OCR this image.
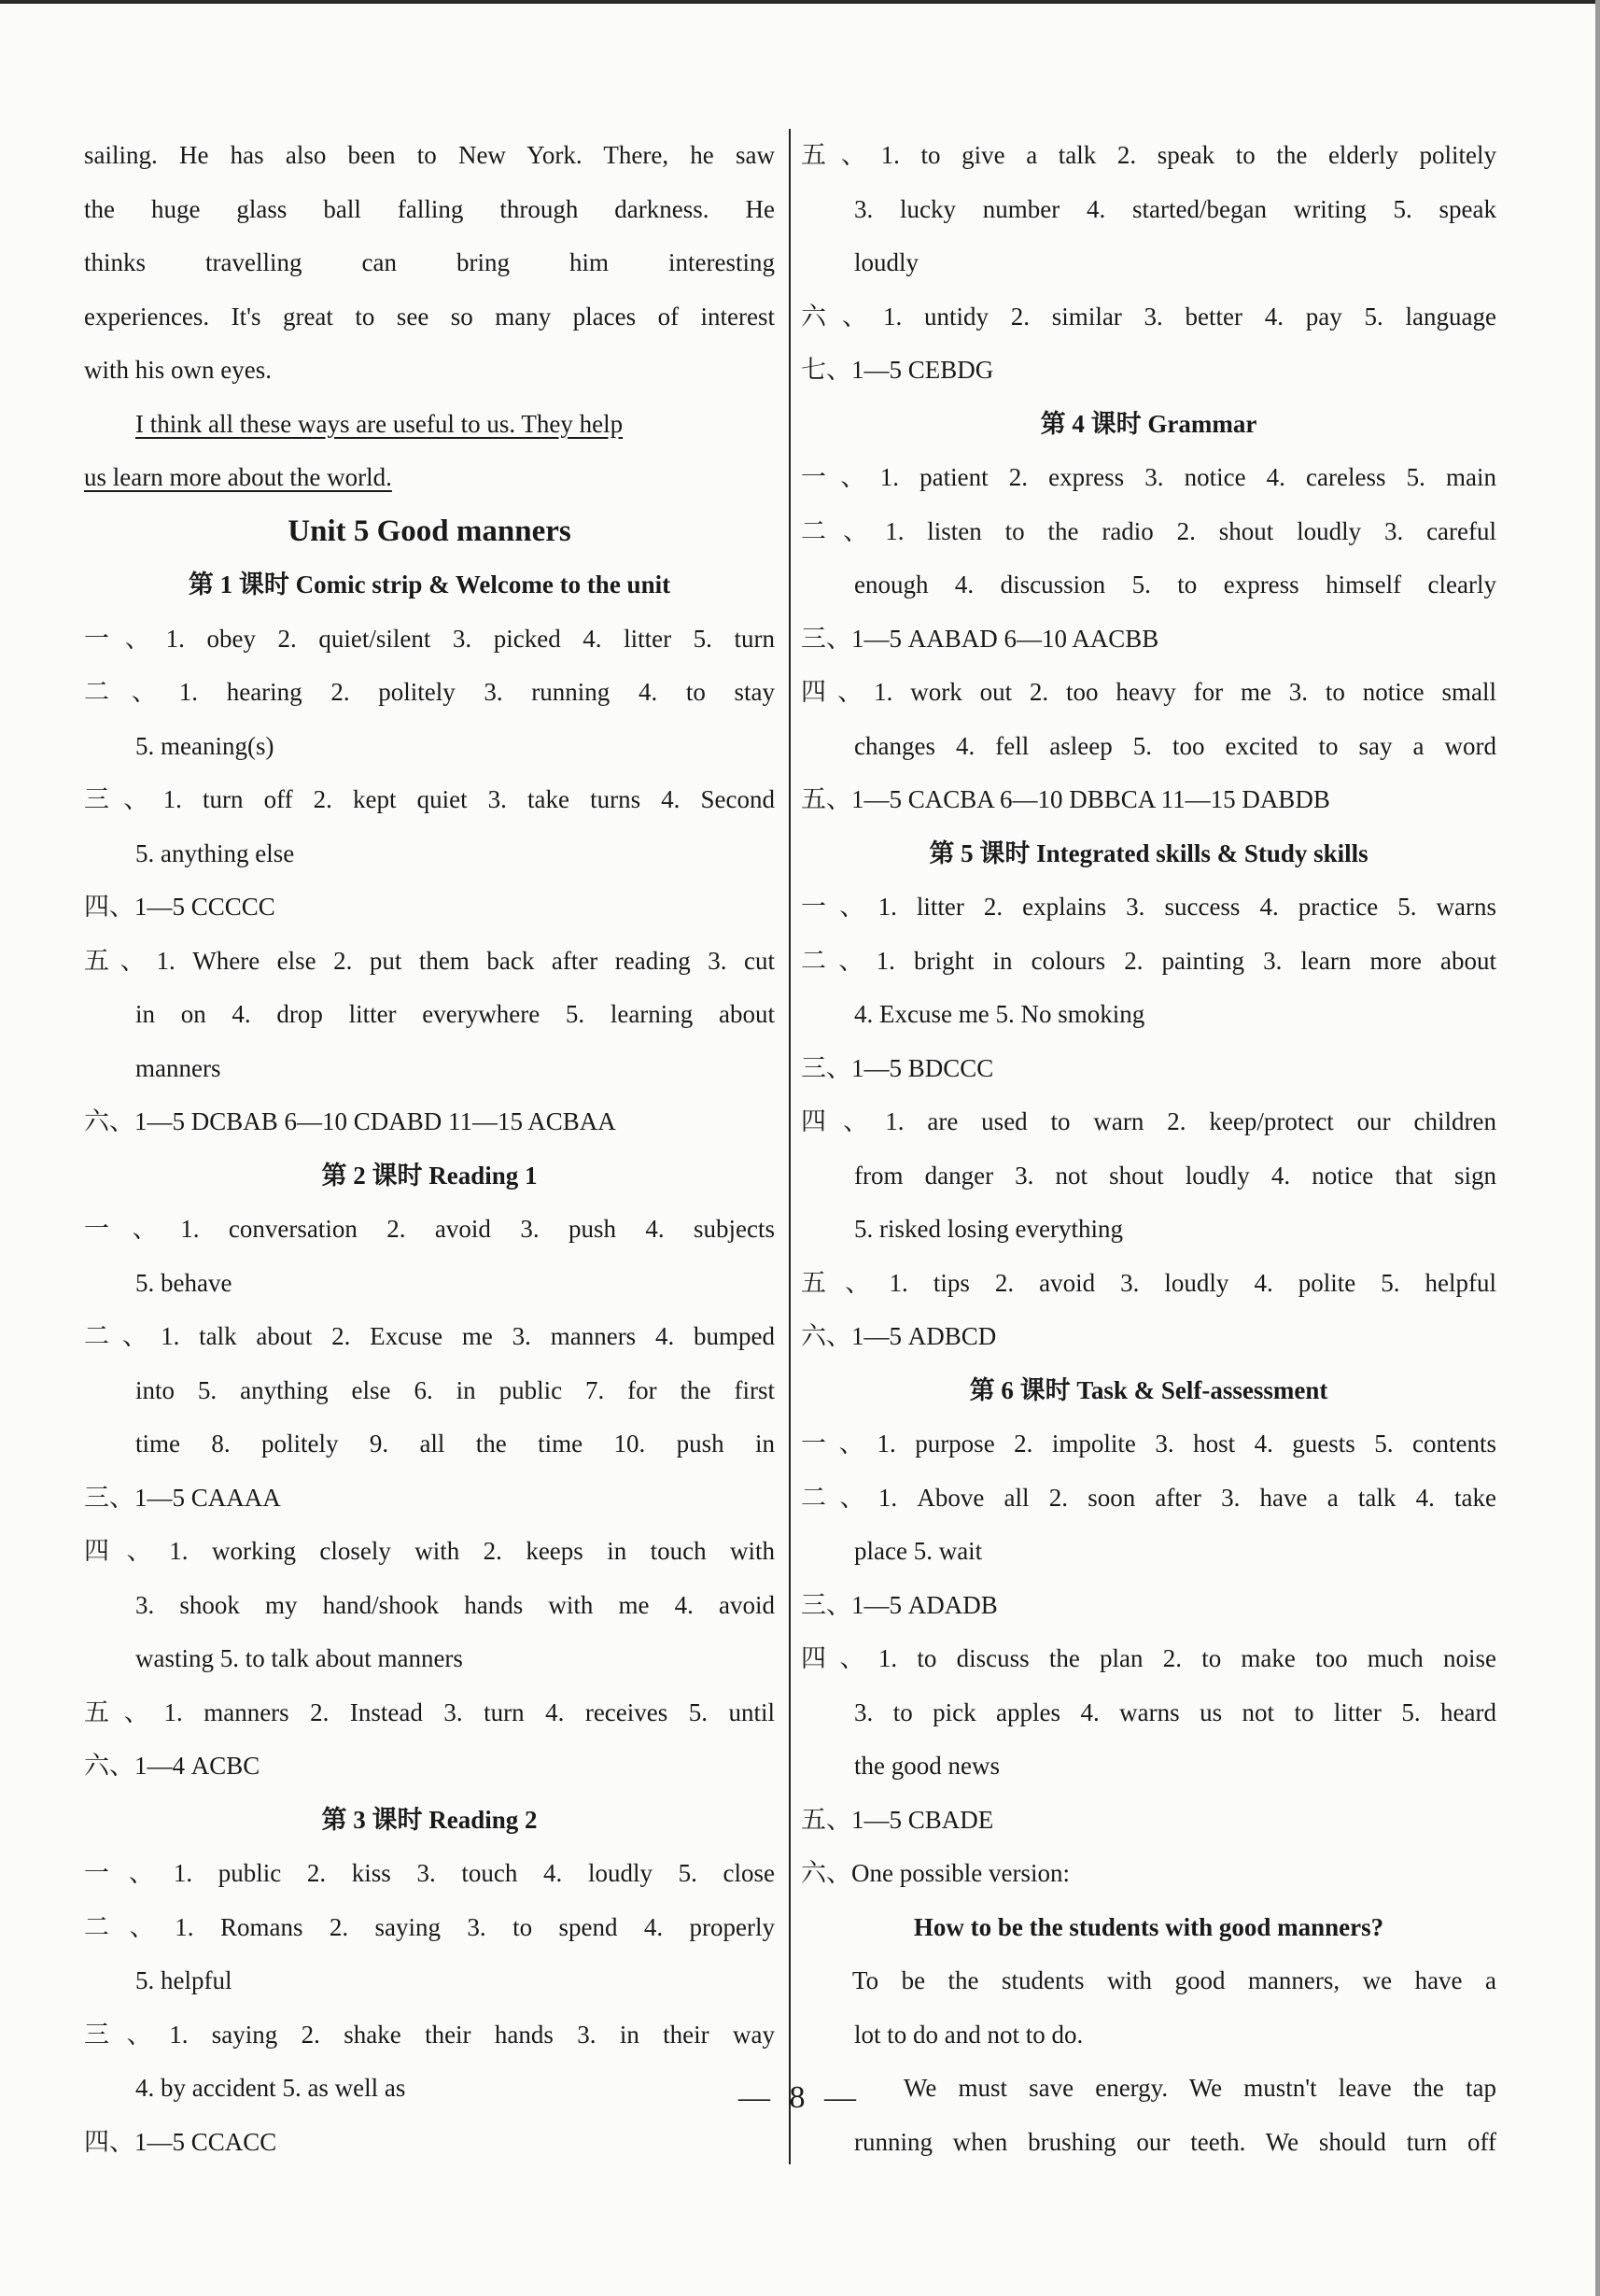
sailing. He has also been to New York. There, he saw
the huge glass ball falling through darkness. He
thinks travelling can bring him interesting
experiences. It's great to see so many places of interest
with his own eyes.
I think all these ways are useful to us. They help
us learn more about the world.
Unit 5 Good manners
第 1 课时 Comic strip & Welcome to the unit
一、1. obey 2. quiet/silent 3. picked 4. litter 5. turn
二、1. hearing 2. politely 3. running 4. to stay
5. meaning(s)
三、1. turn off 2. kept quiet 3. take turns 4. Second
5. anything else
四、1—5 CCCCC
五、1. Where else 2. put them back after reading 3. cut
in on 4. drop litter everywhere 5. learning about
manners
六、1—5 DCBAB 6—10 CDABD 11—15 ACBAA
第 2 课时 Reading 1
一、1. conversation 2. avoid 3. push 4. subjects
5. behave
二、1. talk about 2. Excuse me 3. manners 4. bumped
into 5. anything else 6. in public 7. for the first
time 8. politely 9. all the time 10. push in
三、1—5 CAAAA
四、1. working closely with 2. keeps in touch with
3. shook my hand/shook hands with me 4. avoid
wasting 5. to talk about manners
五、1. manners 2. Instead 3. turn 4. receives 5. until
六、1—4 ACBC
第 3 课时 Reading 2
一、1. public 2. kiss 3. touch 4. loudly 5. close
二、1. Romans 2. saying 3. to spend 4. properly
5. helpful
三、1. saying 2. shake their hands 3. in their way
4. by accident 5. as well as
四、1—5 CCACC
五、1. to give a talk 2. speak to the elderly politely
3. lucky number 4. started/began writing 5. speak
loudly
六、1. untidy 2. similar 3. better 4. pay 5. language
七、1—5 CEBDG
第 4 课时 Grammar
一、1. patient 2. express 3. notice 4. careless 5. main
二、1. listen to the radio 2. shout loudly 3. careful
enough 4. discussion 5. to express himself clearly
三、1—5 AABAD 6—10 AACBB
四、1. work out 2. too heavy for me 3. to notice small
changes 4. fell asleep 5. too excited to say a word
五、1—5 CACBA 6—10 DBBCA 11—15 DABDB
第 5 课时 Integrated skills & Study skills
一、1. litter 2. explains 3. success 4. practice 5. warns
二、1. bright in colours 2. painting 3. learn more about
4. Excuse me 5. No smoking
三、1—5 BDCCC
四、1. are used to warn 2. keep/protect our children
from danger 3. not shout loudly 4. notice that sign
5. risked losing everything
五、1. tips 2. avoid 3. loudly 4. polite 5. helpful
六、1—5 ADBCD
第 6 课时 Task & Self-assessment
一、1. purpose 2. impolite 3. host 4. guests 5. contents
二、1. Above all 2. soon after 3. have a talk 4. take
place 5. wait
三、1—5 ADADB
四、1. to discuss the plan 2. to make too much noise
3. to pick apples 4. warns us not to litter 5. heard
the good news
五、1—5 CBADE
六、One possible version:
How to be the students with good manners?
To be the students with good manners, we have a
lot to do and not to do.
We must save energy. We mustn't leave the tap
running when brushing our teeth. We should turn off
— 8 —
